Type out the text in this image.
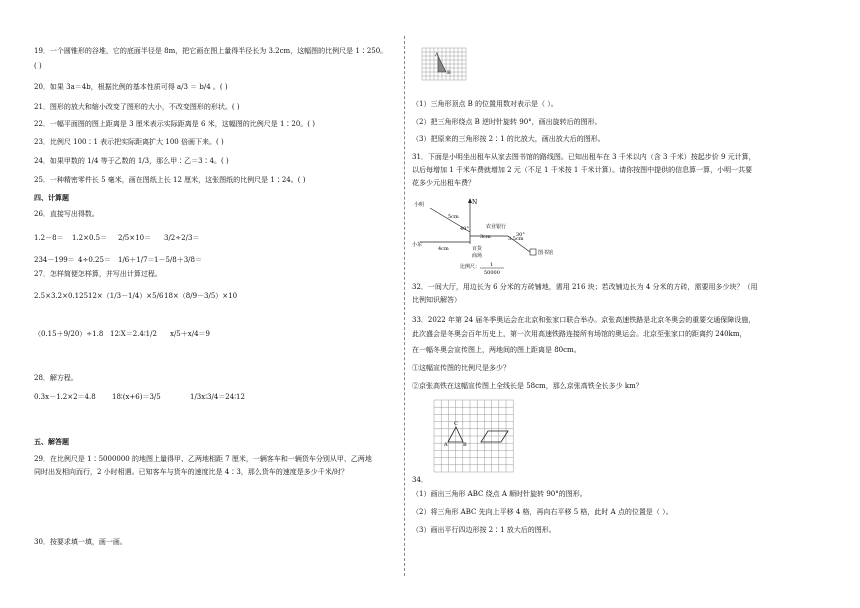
19．一个圆锥形的谷堆，它的底面半径是 8m，把它画在图上量得半径长为 3.2cm，这幅图的比例尺是 1∶250。
( )
20．如果 3a＝4b，根据比例的基本性质可得 a/3 ＝ b/4 。( )
21．图形的放大和缩小改变了图形的大小，不改变图形的形状。( )
22．一幅平面图的图上距离是 3 厘米表示实际距离是 6 米，这幅图的比例尺是 1∶20。( )
23．比例尺 100∶1 表示把实际距离扩大 100 倍画下来。( )
24．如果甲数的 1/4 等于乙数的 1/3，那么甲∶乙＝3∶4。( )
25．一种精密零件长 5 毫米，画在图纸上长 12 厘米，这张图纸的比例尺是 1∶24。( )
四、计算题
26．直接写出得数。
1.2－8＝ 1.2×0.5＝ 2/5×10＝ 3/2÷2/3＝
234－199＝ 4÷0.25＝ 1/6＋1/7＝ 1－5/8＋3/8＝
27．怎样简便怎样算，并写出计算过程。
2.5×3.2×0.125 12×（1/3－1/4）×5/6 18×（8/9－3/5）×10
（0.15＋9/20）÷1.8 12∶X＝2.4∶1/2 x/5＋x/4＝9
28．解方程。
0.3x－1.2×2＝4.8 18∶(x+6)＝3/5	1/3x∶3/4＝24∶12
五、解答题
29．在比例尺是 1∶5000000 的地图上量得甲、乙两地相距 7 厘米，一辆客车和一辆货车分别从甲、乙两地
同时出发相向而行，2 小时相遇。已知客车与货车的速度比是 4∶3，那么货车的速度是多少千米/时？
30．按要求填一填，画一画。
A
B
（1）三角形顶点 B 的位置用数对表示是（ ）。
（2）把三角形绕点 B 逆时针旋转 90°，画出旋转后的图形。
（3）把原来的三角形按 2∶1 的比放大，画出放大后的图形。
31．下面是小明坐出租车从家去图书馆的路线图。已知出租车在 3 千米以内（含 3 千米）按起步价 9 元计算，
以后每增加 1 千米车费就增加 2 元（不足 1 千米按 1 千米计算）。请你按图中提供的信息算一算，小明一共要
花多少元出租车费？
小明
5cm
40°
N
农业银行
3cm	3.5cm
30°
小东
4cm	百货
商场	图书馆
比例尺： 1
50000
32．一间大厅，用边长为 6 分米的方砖铺地，需用 216 块；若改铺边长为 4 分米的方砖，需要用多少块？（用
比例知识解答）
33．2022 年第 24 届冬季奥运会在北京和张家口联合举办。京张高速铁路是北京冬奥会的重要交通保障设施，
此次盛会是冬奥会百年历史上，第一次用高速铁路连接所有场馆的奥运会。北京至张家口的距离约 240km，
在一幅冬奥会宣传图上，两地间的图上距离是 80cm。
①这幅宣传图的比例尺是多少？
②京张高铁在这幅宣传图上全线长是 58cm，那么京张高铁全长多少 km？
A	B
C
34．
（1）画出三角形 ABC 绕点 A 顺时针旋转 90°的图形。
（2）将三角形 ABC 先向上平移 4 格，再向右平移 5 格，此时 A 点的位置是（ ）。
（3）画出平行四边形按 2∶1 放大后的图形。
